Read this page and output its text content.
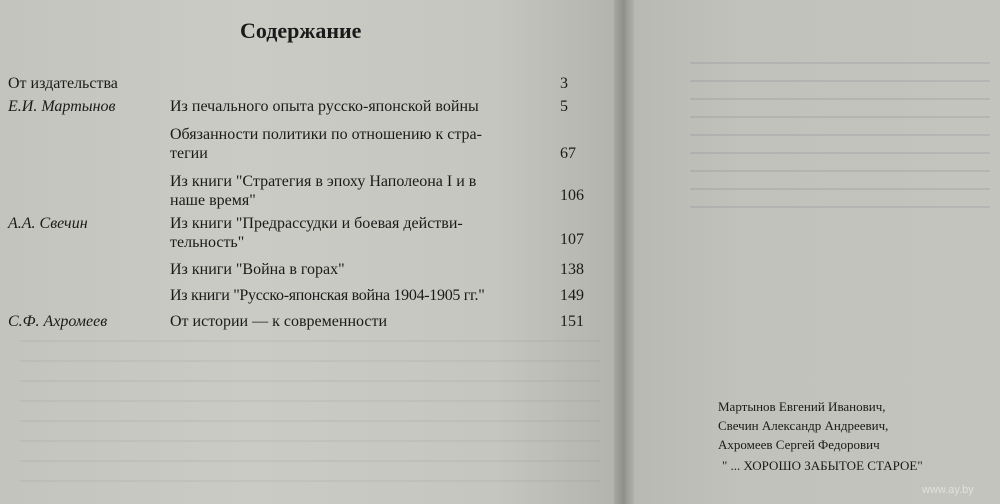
Содержание
От издательства	3
Е.И. Мартынов	Из печального опыта русско-японской войны	5
Обязанности политики по отношению к стра-
тегии	67
Из книги "Стратегия в эпоху Наполеона I и в
наше время"	106
А.А. Свечин	Из книги "Предрассудки и боевая действи-
тельность"	107
Из книги "Война в горах"	138
Из книги "Русско-японская война 1904-1905 гг."	149
С.Ф. Ахромеев	От истории — к современности	151
Мартынов Евгений Иванович,
Свечин Александр Андреевич,
Ахромеев Сергей Федорович
" ... ХОРОШО ЗАБЫТОЕ СТАРОЕ"
www.ay.by
